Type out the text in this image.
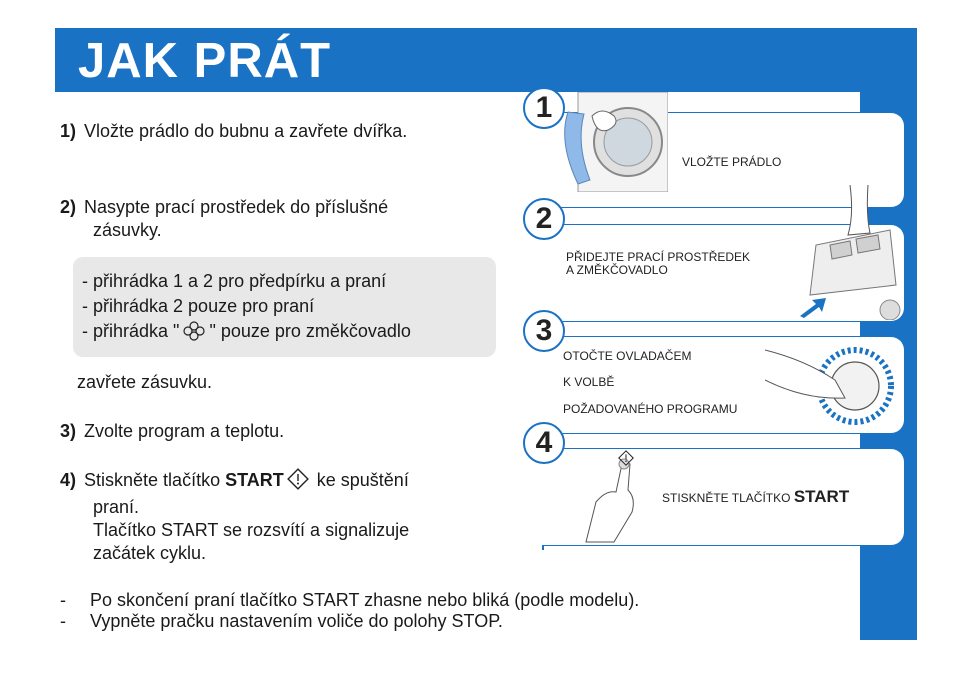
JAK PRÁT
1) Vložte prádlo do bubnu a zavřete dvířka.
2) Nasypte prací prostředek do příslušné
zásuvky.
- přihrádka 1 a 2 pro předpírku a praní
- přihrádka 2 pouze pro praní
- přihrádka " " pouze pro změkčovadlo
zavřete zásuvku.
3) Zvolte program a teplotu.
4) Stiskněte tlačítko START ke spuštění
praní.
Tlačítko START se rozsvítí a signalizuje
začátek cyklu.
- Po skončení praní tlačítko START zhasne nebo bliká (podle modelu).
- Vypněte pračku nastavením voliče do polohy STOP.
VLOŽTE PRÁDLO
PŘIDEJTE PRACÍ PROSTŘEDEK
A ZMĚKČOVADLO
OTOČTE OVLADAČEM
K VOLBĚ
POŽADOVANÉHO PROGRAMU
STISKNĚTE TLAČÍTKO START
1
2
3
4
